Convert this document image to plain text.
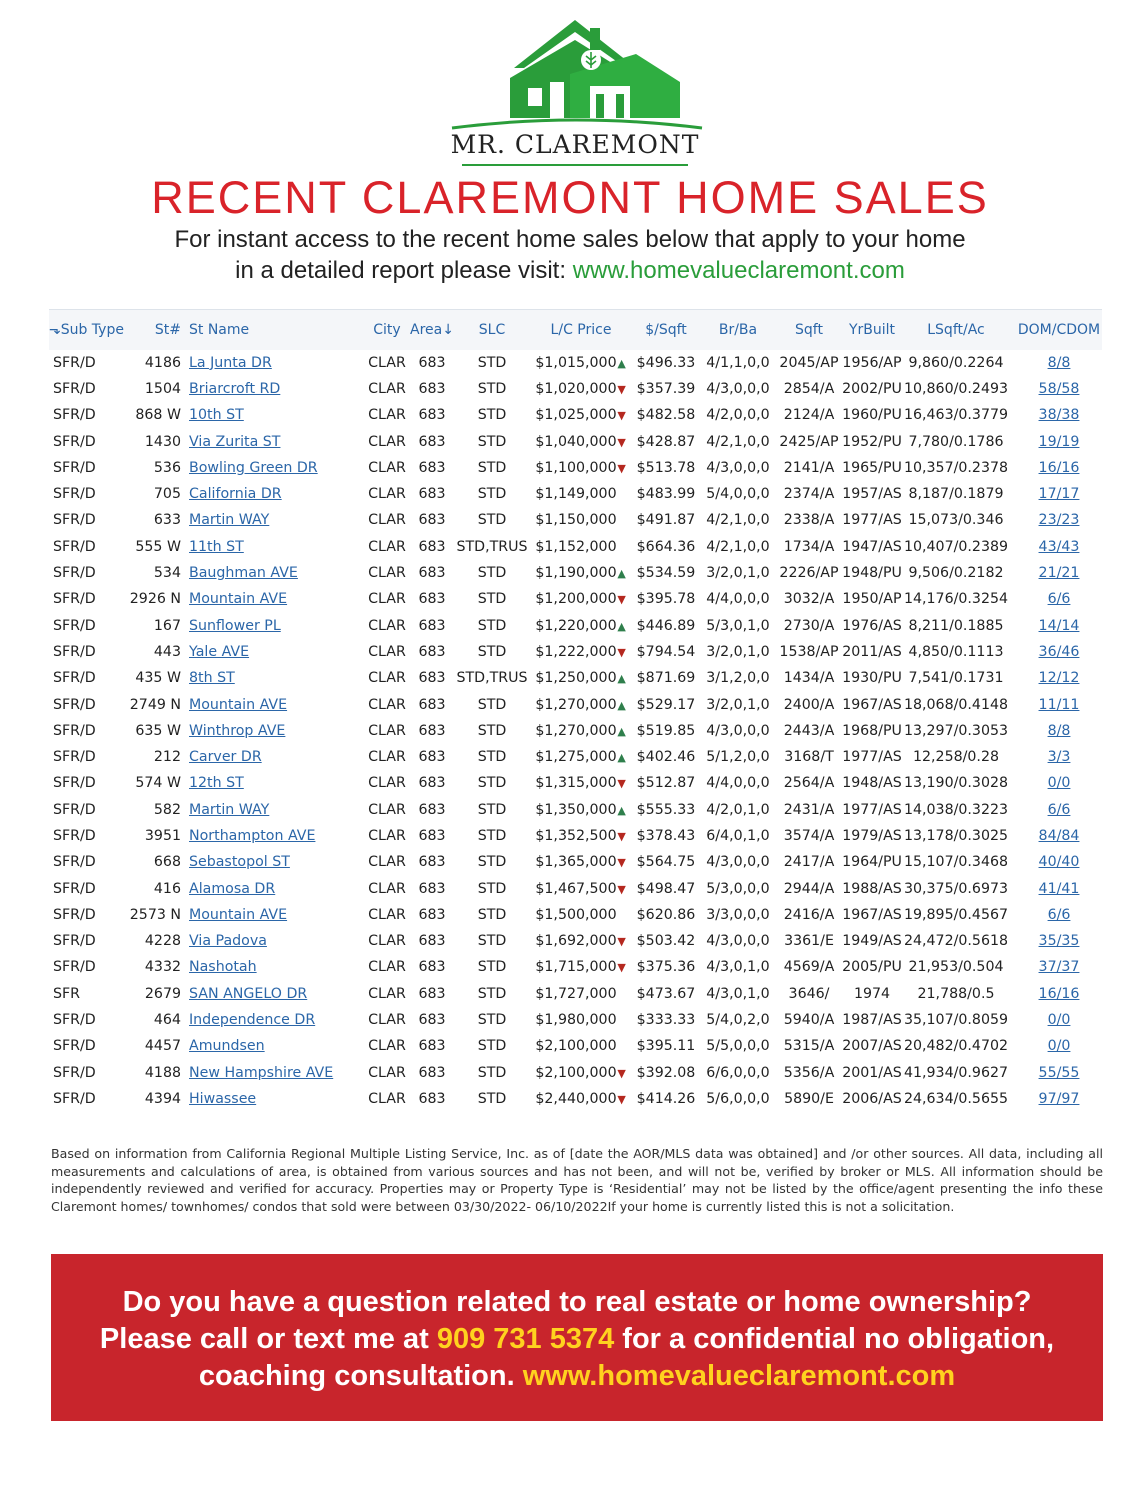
MR. CLAREMONT
RECENT CLAREMONT HOME SALES
For instant access to the recent home sales below that apply to your home
in a detailed report please visit: www.homevalueclaremont.com
⬎Sub Type	St#	St Name	City	Area↓	SLC	L/C Price	$/Sqft	Br/Ba	Sqft	YrBuilt	LSqft/Ac	DOM/CDOM
SFR/D	4186	La Junta DR	CLAR	683	STD	$1,015,000▲	$496.33	4/1,1,0,0	2045/AP	1956/AP	9,860/0.2264	8/8
SFR/D	1504	Briarcroft RD	CLAR	683	STD	$1,020,000▼	$357.39	4/3,0,0,0	2854/A	2002/PU	10,860/0.2493	58/58
SFR/D	868 W	10th ST	CLAR	683	STD	$1,025,000▼	$482.58	4/2,0,0,0	2124/A	1960/PU	16,463/0.3779	38/38
SFR/D	1430	Via Zurita ST	CLAR	683	STD	$1,040,000▼	$428.87	4/2,1,0,0	2425/AP	1952/PU	7,780/0.1786	19/19
SFR/D	536	Bowling Green DR	CLAR	683	STD	$1,100,000▼	$513.78	4/3,0,0,0	2141/A	1965/PU	10,357/0.2378	16/16
SFR/D	705	California DR	CLAR	683	STD	$1,149,000	$483.99	5/4,0,0,0	2374/A	1957/AS	8,187/0.1879	17/17
SFR/D	633	Martin WAY	CLAR	683	STD	$1,150,000	$491.87	4/2,1,0,0	2338/A	1977/AS	15,073/0.346	23/23
SFR/D	555 W	11th ST	CLAR	683	STD,TRUS	$1,152,000	$664.36	4/2,1,0,0	1734/A	1947/AS	10,407/0.2389	43/43
SFR/D	534	Baughman AVE	CLAR	683	STD	$1,190,000▲	$534.59	3/2,0,1,0	2226/AP	1948/PU	9,506/0.2182	21/21
SFR/D	2926 N	Mountain AVE	CLAR	683	STD	$1,200,000▼	$395.78	4/4,0,0,0	3032/A	1950/AP	14,176/0.3254	6/6
SFR/D	167	Sunflower PL	CLAR	683	STD	$1,220,000▲	$446.89	5/3,0,1,0	2730/A	1976/AS	8,211/0.1885	14/14
SFR/D	443	Yale AVE	CLAR	683	STD	$1,222,000▼	$794.54	3/2,0,1,0	1538/AP	2011/AS	4,850/0.1113	36/46
SFR/D	435 W	8th ST	CLAR	683	STD,TRUS	$1,250,000▲	$871.69	3/1,2,0,0	1434/A	1930/PU	7,541/0.1731	12/12
SFR/D	2749 N	Mountain AVE	CLAR	683	STD	$1,270,000▲	$529.17	3/2,0,1,0	2400/A	1967/AS	18,068/0.4148	11/11
SFR/D	635 W	Winthrop AVE	CLAR	683	STD	$1,270,000▲	$519.85	4/3,0,0,0	2443/A	1968/PU	13,297/0.3053	8/8
SFR/D	212	Carver DR	CLAR	683	STD	$1,275,000▲	$402.46	5/1,2,0,0	3168/T	1977/AS	12,258/0.28	3/3
SFR/D	574 W	12th ST	CLAR	683	STD	$1,315,000▼	$512.87	4/4,0,0,0	2564/A	1948/AS	13,190/0.3028	0/0
SFR/D	582	Martin WAY	CLAR	683	STD	$1,350,000▲	$555.33	4/2,0,1,0	2431/A	1977/AS	14,038/0.3223	6/6
SFR/D	3951	Northampton AVE	CLAR	683	STD	$1,352,500▼	$378.43	6/4,0,1,0	3574/A	1979/AS	13,178/0.3025	84/84
SFR/D	668	Sebastopol ST	CLAR	683	STD	$1,365,000▼	$564.75	4/3,0,0,0	2417/A	1964/PU	15,107/0.3468	40/40
SFR/D	416	Alamosa DR	CLAR	683	STD	$1,467,500▼	$498.47	5/3,0,0,0	2944/A	1988/AS	30,375/0.6973	41/41
SFR/D	2573 N	Mountain AVE	CLAR	683	STD	$1,500,000	$620.86	3/3,0,0,0	2416/A	1967/AS	19,895/0.4567	6/6
SFR/D	4228	Via Padova	CLAR	683	STD	$1,692,000▼	$503.42	4/3,0,0,0	3361/E	1949/AS	24,472/0.5618	35/35
SFR/D	4332	Nashotah	CLAR	683	STD	$1,715,000▼	$375.36	4/3,0,1,0	4569/A	2005/PU	21,953/0.504	37/37
SFR	2679	SAN ANGELO DR	CLAR	683	STD	$1,727,000	$473.67	4/3,0,1,0	3646/	1974	21,788/0.5	16/16
SFR/D	464	Independence DR	CLAR	683	STD	$1,980,000	$333.33	5/4,0,2,0	5940/A	1987/AS	35,107/0.8059	0/0
SFR/D	4457	Amundsen	CLAR	683	STD	$2,100,000	$395.11	5/5,0,0,0	5315/A	2007/AS	20,482/0.4702	0/0
SFR/D	4188	New Hampshire AVE	CLAR	683	STD	$2,100,000▼	$392.08	6/6,0,0,0	5356/A	2001/AS	41,934/0.9627	55/55
SFR/D	4394	Hiwassee	CLAR	683	STD	$2,440,000▼	$414.26	5/6,0,0,0	5890/E	2006/AS	24,634/0.5655	97/97
Based on information from California Regional Multiple Listing Service, Inc. as of [date the AOR/MLS data was obtained] and /or other sources. All data, including all measurements and calculations of area, is obtained from various sources and has not been, and will not be, verified by broker or MLS. All information should be independently reviewed and verified for accuracy. Properties may or Property Type is ‘Residential’ may not be listed by the office/agent presenting the info these Claremont homes/ townhomes/ condos that sold were between 03/30/2022- 06/10/2022If your home is currently listed this is not a solicitation.
Do you have a question related to real estate or home ownership?
Please call or text me at 909 731 5374 for a confidential no obligation,
coaching consultation. www.homevalueclaremont.com
